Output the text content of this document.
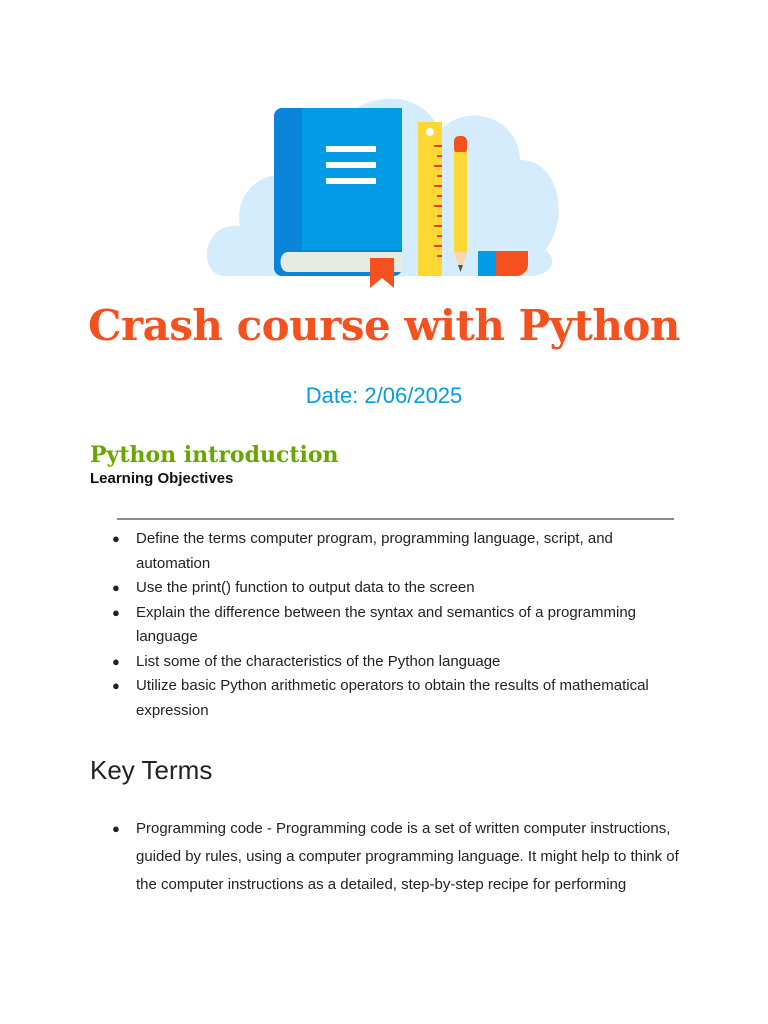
Crash course with Python
Date: 2/06/2025
Python introduction
Learning Objectives
● Define the terms computer program, programming language, script, and automation
● Use the print() function to output data to the screen
● Explain the difference between the syntax and semantics of a programming language
● List some of the characteristics of the Python language
● Utilize basic Python arithmetic operators to obtain the results of mathematical expression
Key Terms
● Programming code - Programming code is a set of written computer instructions, guided by rules, using a computer programming language. It might help to think of the computer instructions as a detailed, step-by-step recipe for performing
